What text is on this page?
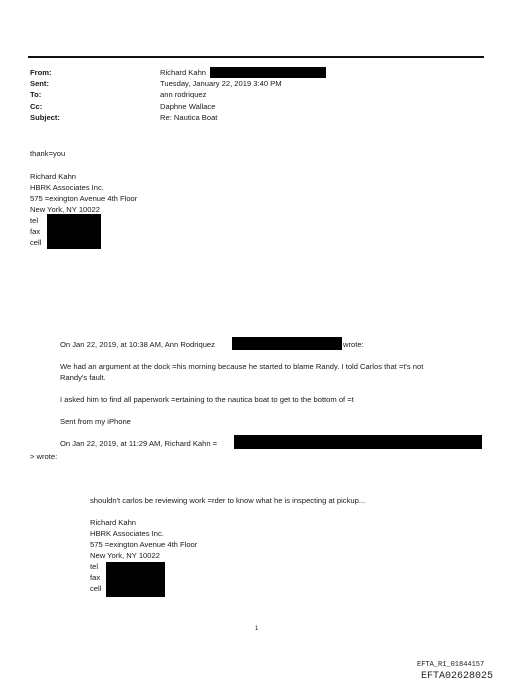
From:
Sent:
To:
Cc:
Subject:
Richard Kahn
Tuesday, January 22, 2019 3:40 PM
ann rodriquez
Daphne Wallace
Re: Nautica Boat
thank=you
Richard Kahn
HBRK Associates Inc.
575 =exington Avenue 4th Floor
New York, NY 10022
tel
fax
cell
On Jan 22, 2019, at 10:38 AM, Ann Rodriquez	wrote:
We had an argument at the dock =his morning because he started to blame Randy. I told Carlos that =t's not
Randy's fault.
I asked him to find all paperwork =ertaining to the nautica boat to get to the bottom of =t
Sent from my iPhone
On Jan 22, 2019, at 11:29 AM, Richard Kahn =
> wrote:
shouldn't carlos be reviewing work =rder to know what he is inspecting at pickup...
Richard Kahn
HBRK Associates Inc.
575 =exington Avenue 4th Floor
New York, NY 10022
tel
fax
cell
1
EFTA_R1_01844157
EFTA02628025
